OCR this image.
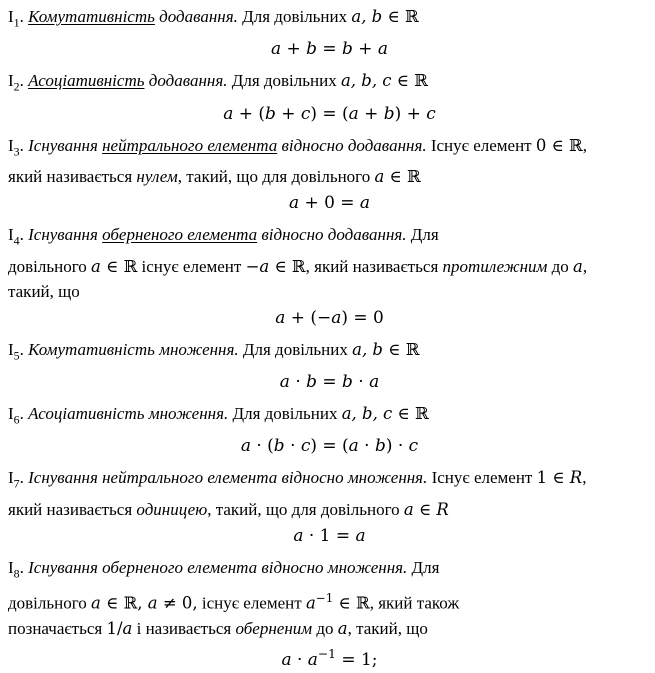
$I_1$. Комутативність додавання. Для довільних a, b ∈ ℝ
a + b = b + a
$I_2$. Асоціативність додавання. Для довільних a, b, c ∈ ℝ
a + (b + c) = (a + b) + c
$I_3$. Існування нейтрального елемента відносно додавання. Існує елемент 0 ∈ ℝ,
який називається нулем, такий, що для довільного a ∈ ℝ
a + 0 = a
$I_4$. Існування оберненого елемента відносно додавання. Для
довільного a ∈ ℝ існує елемент −a ∈ ℝ, який називається протилежним до a,
такий, що
a + (−a) = 0
$I_5$. Комутативність множення. Для довільних a, b ∈ ℝ
a · b = b · a
$I_6$. Асоціативність множення. Для довільних a, b, c ∈ ℝ
a · (b · c) = (a · b) · c
$I_7$. Існування нейтрального елемента відносно множення. Існує елемент 1 ∈ R,
який називається одиницею, такий, що для довільного a ∈ R
a · 1 = a
$I_8$. Існування оберненого елемента відносно множення. Для
довільного a ∈ ℝ, a ≠ 0, існує елемент $a^{-1}$ ∈ ℝ, який також
позначається 1/a і називається оберненим до a, такий, що
$a \cdot a^{-1} = 1$;
